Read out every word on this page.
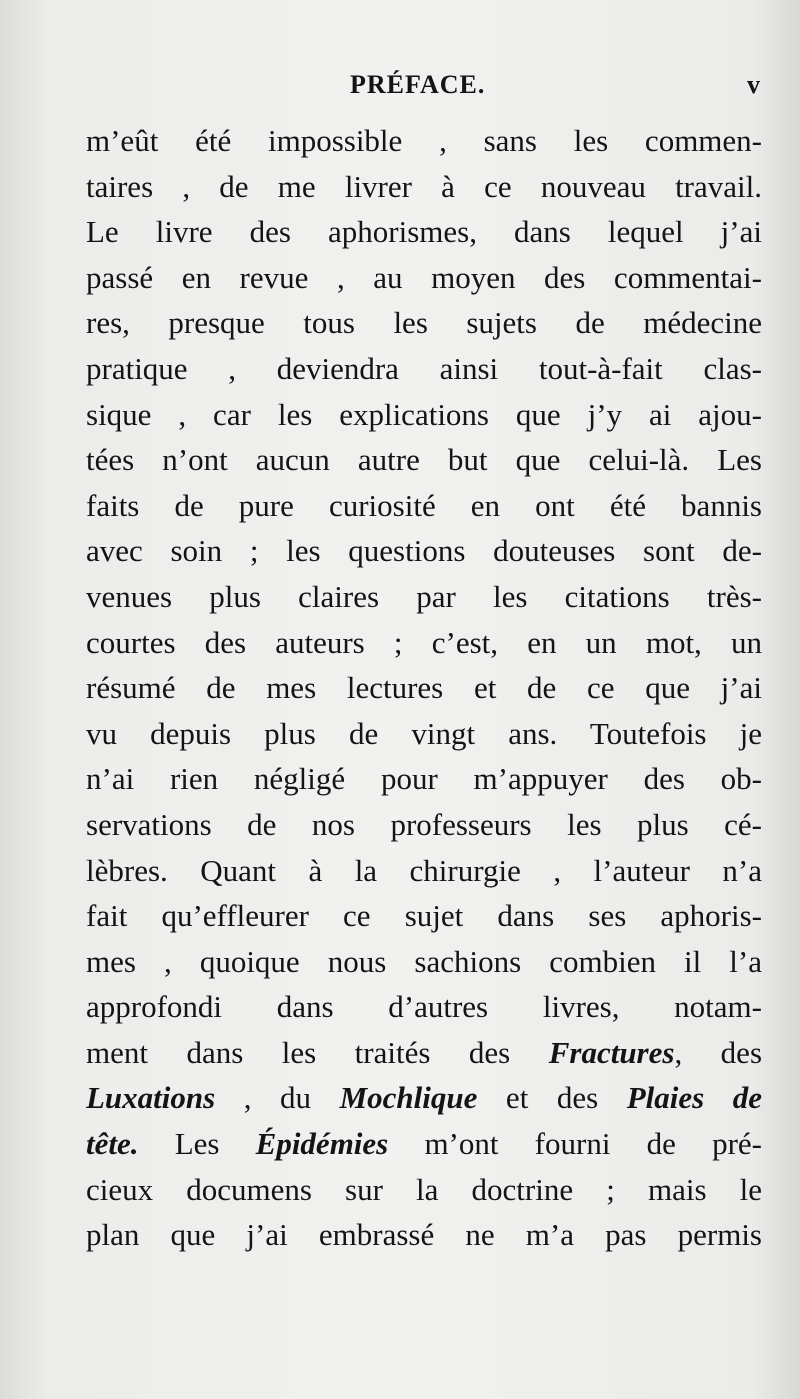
PRÉFACE.	v
m’eût été impossible , sans les commen-
taires , de me livrer à ce nouveau travail.
Le livre des aphorismes, dans lequel j’ai
passé en revue , au moyen des commentai-
res, presque tous les sujets de médecine
pratique , deviendra ainsi tout-à-fait clas-
sique , car les explications que j’y ai ajou-
tées n’ont aucun autre but que celui-là. Les
faits de pure curiosité en ont été bannis
avec soin ; les questions douteuses sont de-
venues plus claires par les citations très-
courtes des auteurs ; c’est, en un mot, un
résumé de mes lectures et de ce que j’ai
vu depuis plus de vingt ans. Toutefois je
n’ai rien négligé pour m’appuyer des ob-
servations de nos professeurs les plus cé-
lèbres. Quant à la chirurgie , l’auteur n’a
fait qu’effleurer ce sujet dans ses aphoris-
mes , quoique nous sachions combien il l’a
approfondi dans d’autres livres, notam-
ment dans les traités des Fractures, des
Luxations , du Mochlique et des Plaies de
tête. Les Épidémies m’ont fourni de pré-
cieux documens sur la doctrine ; mais le
plan que j’ai embrassé ne m’a pas permis
